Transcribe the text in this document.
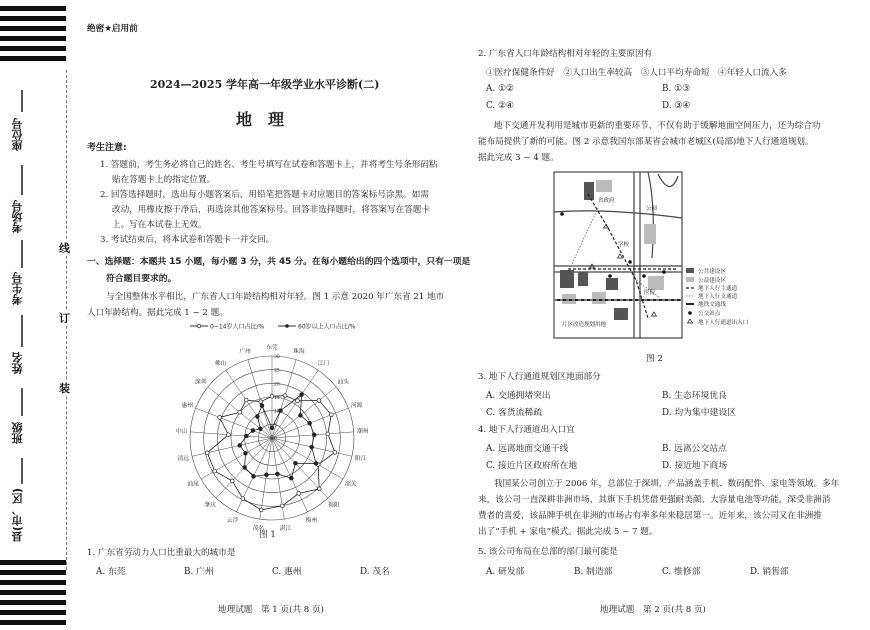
座位号
考场号
考生号
姓名
班级
县(市、区)
线
订
装
绝密★启用前
2024—2025 学年高一年级学业水平诊断(二)
地　理
考生注意:
1. 答题前，考生务必将自己的姓名、考生号填写在试卷和答题卡上，并将考生号条形码粘
贴在答题卡上的指定位置。
2. 回答选择题时，选出每小题答案后，用铅笔把答题卡对应题目的答案标号涂黑。如需
改动，用橡皮擦干净后，再选涂其他答案标号。回答非选择题时，将答案写在答题卡
上。写在本试卷上无效。
3. 考试结束后，将本试卷和答题卡一并交回。
一、选择题：本题共 15 小题，每小题 3 分，共 45 分。在每小题给出的四个选项中，只有一项是
符合题目要求的。
与全国整体水平相比，广东省人口年龄结构相对年轻。图 1 示意 2020 年广东省 21 地市
人口年龄结构。据此完成 1 ~ 2 题。
0~14岁人口占比/%	60岁以上人口占比/%
东莞
珠海
江门
汕头
河源
潮州
阳江
韶关
揭阳
梅州
湛江
茂名
云浮
肇庆
汕尾
清远
中山
惠州
深圳
佛山
广州
0
5
10
15
20
25
30
图 1
1. 广东省劳动力人口比重最大的城市是
A. 东莞	B. 广州	C. 惠州	D. 茂名
地理试题　第 1 页(共 8 页)
2. 广东省人口年龄结构相对年轻的主要原因有
①医疗保健条件好　②人口出生率较高　③人口平均寿命短　④年轻人口流入多
A. ①②	B. ①③
C. ②④	D. ③④
地下交通开发利用是城市更新的重要环节，不仅有助于缓解地面空间压力，还为综合功
能布局提供了新的可能。图 2 示意我国东部某省会城市老城区(局部)地下人行通道规划。
据此完成 3 ~ 4 题。
省政府
公园
学校
医院
片区改造规划用地
公共建设区
公益建设区
地下人行主通道
地下人行支通道
地铁交通线
公交站点
地下人行通道出入口
图 2
3. 地下人行通道规划区地面部分
A. 交通拥堵突出	B. 生态环境优良
C. 客货流稀疏	D. 均为集中建设区
4. 地下人行通道出入口宜
A. 远离地面交通干线	B. 远离公交站点
C. 接近片区政府所在地	D. 接近地下商场
我国某公司创立于 2006 年，总部位于深圳，产品涵盖手机、数码配件、家电等领域。多年
来，该公司一直深耕非洲市场，其旗下手机凭借更强耐美颜、大容量电池等功能，深受非洲消
费者的喜爱，该品牌手机在非洲的市场占有率多年来稳居第一。近年来，该公司又在非洲推
出了“手机 + 家电”模式。据此完成 5 ~ 7 题。
5. 该公司布局在总部的部门最可能是
A. 研发部	B. 制造部	C. 维修部	D. 销售部
地理试题　第 2 页(共 8 页)
